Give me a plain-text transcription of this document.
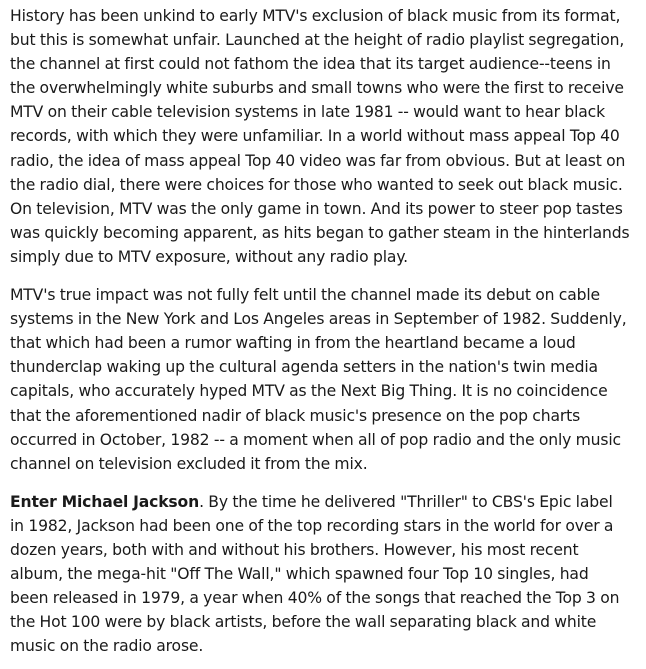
History has been unkind to early MTV's exclusion of black music from its format, but this is somewhat unfair. Launched at the height of radio playlist segregation, the channel at first could not fathom the idea that its target audience--teens in the overwhelmingly white suburbs and small towns who were the first to receive MTV on their cable television systems in late 1981 -- would want to hear black records, with which they were unfamiliar. In a world without mass appeal Top 40 radio, the idea of mass appeal Top 40 video was far from obvious. But at least on the radio dial, there were choices for those who wanted to seek out black music. On television, MTV was the only game in town. And its power to steer pop tastes was quickly becoming apparent, as hits began to gather steam in the hinterlands simply due to MTV exposure, without any radio play.

MTV's true impact was not fully felt until the channel made its debut on cable systems in the New York and Los Angeles areas in September of 1982. Suddenly, that which had been a rumor wafting in from the heartland became a loud thunderclap waking up the cultural agenda setters in the nation's twin media capitals, who accurately hyped MTV as the Next Big Thing. It is no coincidence that the aforementioned nadir of black music's presence on the pop charts occurred in October, 1982 -- a moment when all of pop radio and the only music channel on television excluded it from the mix.

Enter Michael Jackson. By the time he delivered "Thriller" to CBS's Epic label in 1982, Jackson had been one of the top recording stars in the world for over a dozen years, both with and without his brothers. However, his most recent album, the mega-hit "Off The Wall," which spawned four Top 10 singles, had been released in 1979, a year when 40% of the songs that reached the Top 3 on the Hot 100 were by black artists, before the wall separating black and white music on the radio arose.
